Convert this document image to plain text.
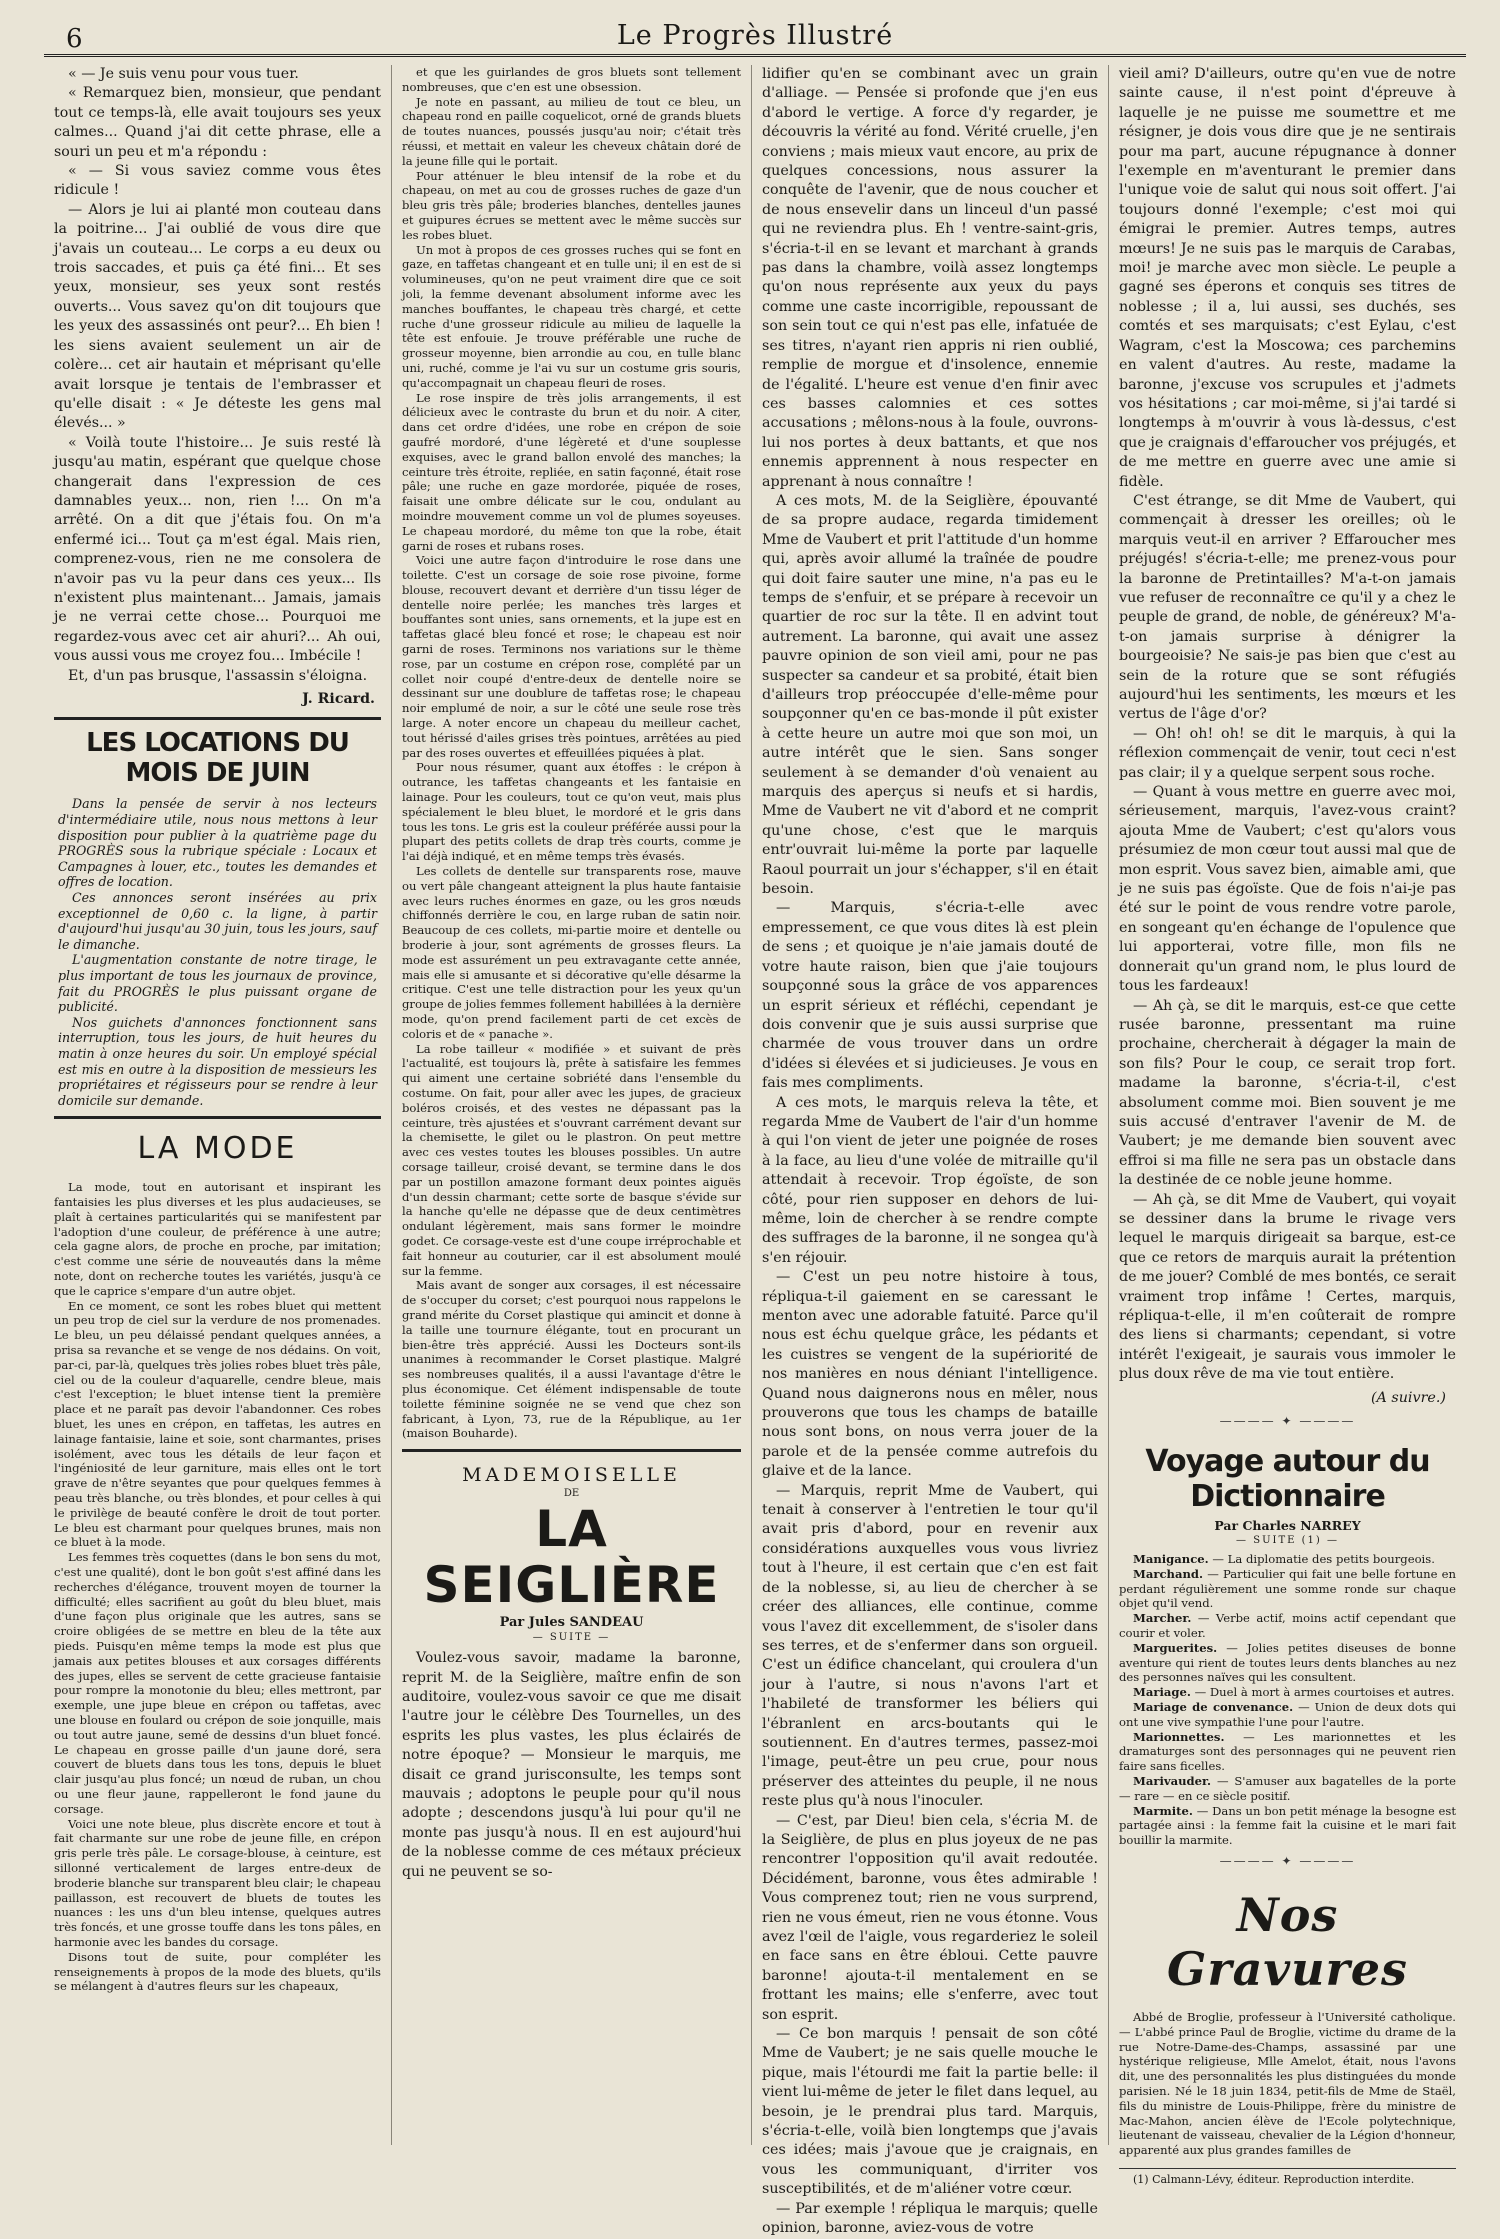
6	Le Progrès Illustré

« — Je suis venu pour vous tuer.

« Remarquez bien, monsieur, que pendant tout ce temps-là, elle avait toujours ses yeux calmes... Quand j'ai dit cette phrase, elle a souri un peu et m'a répondu :

« — Si vous saviez comme vous êtes ridicule !

— Alors je lui ai planté mon couteau dans la poitrine... J'ai oublié de vous dire que j'avais un couteau... Le corps a eu deux ou trois saccades, et puis ça été fini... Et ses yeux, monsieur, ses yeux sont restés ouverts... Vous savez qu'on dit toujours que les yeux des assassinés ont peur?... Eh bien ! les siens avaient seulement un air de colère... cet air hautain et méprisant qu'elle avait lorsque je tentais de l'embrasser et qu'elle disait : « Je déteste les gens mal élevés... »

« Voilà toute l'histoire... Je suis resté là jusqu'au matin, espérant que quelque chose changerait dans l'expression de ces damnables yeux... non, rien !... On m'a arrêté. On a dit que j'étais fou. On m'a enfermé ici... Tout ça m'est égal. Mais rien, comprenez-vous, rien ne me consolera de n'avoir pas vu la peur dans ces yeux... Ils n'existent plus maintenant... Jamais, jamais je ne verrai cette chose... Pourquoi me regardez-vous avec cet air ahuri?... Ah oui, vous aussi vous me croyez fou... Imbécile !

Et, d'un pas brusque, l'assassin s'éloigna.

J. Ricard.

LES LOCATIONS DU MOIS DE JUIN

Dans la pensée de servir à nos lecteurs d'intermédiaire utile, nous nous mettons à leur disposition pour publier à la quatrième page du PROGRÈS sous la rubrique spéciale : Locaux et Campagnes à louer, etc., toutes les demandes et offres de location.

Ces annonces seront insérées au prix exceptionnel de 0,60 c. la ligne, à partir d'aujourd'hui jusqu'au 30 juin, tous les jours, sauf le dimanche.

L'augmentation constante de notre tirage, le plus important de tous les journaux de province, fait du PROGRÈS le plus puissant organe de publicité.

Nos guichets d'annonces fonctionnent sans interruption, tous les jours, de huit heures du matin à onze heures du soir. Un employé spécial est mis en outre à la disposition de messieurs les propriétaires et régisseurs pour se rendre à leur domicile sur demande.

LA MODE

La mode, tout en autorisant et inspirant les fantaisies les plus diverses et les plus audacieuses, se plaît à certaines particularités qui se manifestent par l'adoption d'une couleur, de préférence à une autre; cela gagne alors, de proche en proche, par imitation; c'est comme une série de nouveautés dans la même note, dont on recherche toutes les variétés, jusqu'à ce que le caprice s'empare d'un autre objet.

En ce moment, ce sont les robes bluet qui mettent un peu trop de ciel sur la verdure de nos promenades. Le bleu, un peu délaissé pendant quelques années, a prisa sa revanche et se venge de nos dédains. On voit, par-ci, par-là, quelques très jolies robes bluet très pâle, ciel ou de la couleur d'aquarelle, cendre bleue, mais c'est l'exception; le bluet intense tient la première place et ne paraît pas devoir l'abandonner. Ces robes bluet, les unes en crépon, en taffetas, les autres en lainage fantaisie, laine et soie, sont charmantes, prises isolément, avec tous les détails de leur façon et l'ingéniosité de leur garniture, mais elles ont le tort grave de n'être seyantes que pour quelques femmes à peau très blanche, ou très blondes, et pour celles à qui le privilège de beauté confère le droit de tout porter. Le bleu est charmant pour quelques brunes, mais non ce bluet à la mode.

Les femmes très coquettes (dans le bon sens du mot, c'est une qualité), dont le bon goût s'est affiné dans les recherches d'élégance, trouvent moyen de tourner la difficulté; elles sacrifient au goût du bleu bluet, mais d'une façon plus originale que les autres, sans se croire obligées de se mettre en bleu de la tête aux pieds. Puisqu'en même temps la mode est plus que jamais aux petites blouses et aux corsages différents des jupes, elles se servent de cette gracieuse fantaisie pour rompre la monotonie du bleu; elles mettront, par exemple, une jupe bleue en crépon ou taffetas, avec une blouse en foulard ou crépon de soie jonquille, mais ou tout autre jaune, semé de dessins d'un bluet foncé. Le chapeau en grosse paille d'un jaune doré, sera couvert de bluets dans tous les tons, depuis le bluet clair jusqu'au plus foncé; un nœud de ruban, un chou ou une fleur jaune, rappelleront le fond jaune du corsage.

Voici une note bleue, plus discrète encore et tout à fait charmante sur une robe de jeune fille, en crépon gris perle très pâle. Le corsage-blouse, à ceinture, est sillonné verticalement de larges entre-deux de broderie blanche sur transparent bleu clair; le chapeau paillasson, est recouvert de bluets de toutes les nuances : les uns d'un bleu intense, quelques autres très foncés, et une grosse touffe dans les tons pâles, en harmonie avec les bandes du corsage.

Disons tout de suite, pour compléter les renseignements à propos de la mode des bluets, qu'ils se mélangent à d'autres fleurs sur les chapeaux,

et que les guirlandes de gros bluets sont tellement nombreuses, que c'en est une obsession.

Je note en passant, au milieu de tout ce bleu, un chapeau rond en paille coquelicot, orné de grands bluets de toutes nuances, poussés jusqu'au noir; c'était très réussi, et mettait en valeur les cheveux châtain doré de la jeune fille qui le portait.

Pour atténuer le bleu intensif de la robe et du chapeau, on met au cou de grosses ruches de gaze d'un bleu gris très pâle; broderies blanches, dentelles jaunes et guipures écrues se mettent avec le même succès sur les robes bluet.

Un mot à propos de ces grosses ruches qui se font en gaze, en taffetas changeant et en tulle uni; il en est de si volumineuses, qu'on ne peut vraiment dire que ce soit joli, la femme devenant absolument informe avec les manches bouffantes, le chapeau très chargé, et cette ruche d'une grosseur ridicule au milieu de laquelle la tête est enfouie. Je trouve préférable une ruche de grosseur moyenne, bien arrondie au cou, en tulle blanc uni, ruché, comme je l'ai vu sur un costume gris souris, qu'accompagnait un chapeau fleuri de roses.

Le rose inspire de très jolis arrangements, il est délicieux avec le contraste du brun et du noir. A citer, dans cet ordre d'idées, une robe en crépon de soie gaufré mordoré, d'une légèreté et d'une souplesse exquises, avec le grand ballon envolé des manches; la ceinture très étroite, repliée, en satin façonné, était rose pâle; une ruche en gaze mordorée, piquée de roses, faisait une ombre délicate sur le cou, ondulant au moindre mouvement comme un vol de plumes soyeuses. Le chapeau mordoré, du même ton que la robe, était garni de roses et rubans roses.

Voici une autre façon d'introduire le rose dans une toilette. C'est un corsage de soie rose pivoine, forme blouse, recouvert devant et derrière d'un tissu léger de dentelle noire perlée; les manches très larges et bouffantes sont unies, sans ornements, et la jupe est en taffetas glacé bleu foncé et rose; le chapeau est noir garni de roses. Terminons nos variations sur le thème rose, par un costume en crépon rose, complété par un collet noir coupé d'entre-deux de dentelle noire se dessinant sur une doublure de taffetas rose; le chapeau noir emplumé de noir, a sur le côté une seule rose très large. A noter encore un chapeau du meilleur cachet, tout hérissé d'ailes grises très pointues, arrêtées au pied par des roses ouvertes et effeuillées piquées à plat.

Pour nous résumer, quant aux étoffes : le crépon à outrance, les taffetas changeants et les fantaisie en lainage. Pour les couleurs, tout ce qu'on veut, mais plus spécialement le bleu bluet, le mordoré et le gris dans tous les tons. Le gris est la couleur préférée aussi pour la plupart des petits collets de drap très courts, comme je l'ai déjà indiqué, et en même temps très évasés.

Les collets de dentelle sur transparents rose, mauve ou vert pâle changeant atteignent la plus haute fantaisie avec leurs ruches énormes en gaze, ou les gros nœuds chiffonnés derrière le cou, en large ruban de satin noir. Beaucoup de ces collets, mi-partie moire et dentelle ou broderie à jour, sont agréments de grosses fleurs. La mode est assurément un peu extravagante cette année, mais elle si amusante et si décorative qu'elle désarme la critique. C'est une telle distraction pour les yeux qu'un groupe de jolies femmes follement habillées à la dernière mode, qu'on prend facilement parti de cet excès de coloris et de « panache ».

La robe tailleur « modifiée » et suivant de près l'actualité, est toujours là, prête à satisfaire les femmes qui aiment une certaine sobriété dans l'ensemble du costume. On fait, pour aller avec les jupes, de gracieux boléros croisés, et des vestes ne dépassant pas la ceinture, très ajustées et s'ouvrant carrément devant sur la chemisette, le gilet ou le plastron. On peut mettre avec ces vestes toutes les blouses possibles. Un autre corsage tailleur, croisé devant, se termine dans le dos par un postillon amazone formant deux pointes aiguës d'un dessin charmant; cette sorte de basque s'évide sur la hanche qu'elle ne dépasse que de deux centimètres ondulant légèrement, mais sans former le moindre godet. Ce corsage-veste est d'une coupe irréprochable et fait honneur au couturier, car il est absolument moulé sur la femme.

Mais avant de songer aux corsages, il est nécessaire de s'occuper du corset; c'est pourquoi nous rappelons le grand mérite du Corset plastique qui amincit et donne à la taille une tournure élégante, tout en procurant un bien-être très apprécié. Aussi les Docteurs sont-ils unanimes à recommander le Corset plastique. Malgré ses nombreuses qualités, il a aussi l'avantage d'être le plus économique. Cet élément indispensable de toute toilette féminine soignée ne se vend que chez son fabricant, à Lyon, 73, rue de la République, au 1er (maison Bouharde).

MADEMOISELLE
DE
LA SEIGLIÈRE
Par Jules SANDEAU
— SUITE —

Voulez-vous savoir, madame la baronne, reprit M. de la Seiglière, maître enfin de son auditoire, voulez-vous savoir ce que me disait l'autre jour le célèbre Des Tournelles, un des esprits les plus vastes, les plus éclairés de notre époque? — Monsieur le marquis, me disait ce grand jurisconsulte, les temps sont mauvais ; adoptons le peuple pour qu'il nous adopte ; descendons jusqu'à lui pour qu'il ne monte pas jusqu'à nous. Il en est aujourd'hui de la noblesse comme de ces métaux précieux qui ne peuvent se so-

lidifier qu'en se combinant avec un grain d'alliage. — Pensée si profonde que j'en eus d'abord le vertige. A force d'y regarder, je découvris la vérité au fond. Vérité cruelle, j'en conviens ; mais mieux vaut encore, au prix de quelques concessions, nous assurer la conquête de l'avenir, que de nous coucher et de nous ensevelir dans un linceul d'un passé qui ne reviendra plus. Eh ! ventre-saint-gris, s'écria-t-il en se levant et marchant à grands pas dans la chambre, voilà assez longtemps qu'on nous représente aux yeux du pays comme une caste incorrigible, repoussant de son sein tout ce qui n'est pas elle, infatuée de ses titres, n'ayant rien appris ni rien oublié, remplie de morgue et d'insolence, ennemie de l'égalité. L'heure est venue d'en finir avec ces basses calomnies et ces sottes accusations ; mêlons-nous à la foule, ouvrons-lui nos portes à deux battants, et que nos ennemis apprennent à nous respecter en apprenant à nous connaître !

A ces mots, M. de la Seiglière, épouvanté de sa propre audace, regarda timidement Mme de Vaubert et prit l'attitude d'un homme qui, après avoir allumé la traînée de poudre qui doit faire sauter une mine, n'a pas eu le temps de s'enfuir, et se prépare à recevoir un quartier de roc sur la tête. Il en advint tout autrement. La baronne, qui avait une assez pauvre opinion de son vieil ami, pour ne pas suspecter sa candeur et sa probité, était bien d'ailleurs trop préoccupée d'elle-même pour soupçonner qu'en ce bas-monde il pût exister à cette heure un autre moi que son moi, un autre intérêt que le sien. Sans songer seulement à se demander d'où venaient au marquis des aperçus si neufs et si hardis, Mme de Vaubert ne vit d'abord et ne comprit qu'une chose, c'est que le marquis entr'ouvrait lui-même la porte par laquelle Raoul pourrait un jour s'échapper, s'il en était besoin.

— Marquis, s'écria-t-elle avec empressement, ce que vous dites là est plein de sens ; et quoique je n'aie jamais douté de votre haute raison, bien que j'aie toujours soupçonné sous la grâce de vos apparences un esprit sérieux et réfléchi, cependant je dois convenir que je suis aussi surprise que charmée de vous trouver dans un ordre d'idées si élevées et si judicieuses. Je vous en fais mes compliments.

A ces mots, le marquis releva la tête, et regarda Mme de Vaubert de l'air d'un homme à qui l'on vient de jeter une poignée de roses à la face, au lieu d'une volée de mitraille qu'il attendait à recevoir. Trop égoïste, de son côté, pour rien supposer en dehors de lui-même, loin de chercher à se rendre compte des suffrages de la baronne, il ne songea qu'à s'en réjouir.

— C'est un peu notre histoire à tous, répliqua-t-il gaiement en se caressant le menton avec une adorable fatuité. Parce qu'il nous est échu quelque grâce, les pédants et les cuistres se vengent de la supériorité de nos manières en nous déniant l'intelligence. Quand nous daignerons nous en mêler, nous prouverons que tous les champs de bataille nous sont bons, on nous verra jouer de la parole et de la pensée comme autrefois du glaive et de la lance.

— Marquis, reprit Mme de Vaubert, qui tenait à conserver à l'entretien le tour qu'il avait pris d'abord, pour en revenir aux considérations auxquelles vous vous livriez tout à l'heure, il est certain que c'en est fait de la noblesse, si, au lieu de chercher à se créer des alliances, elle continue, comme vous l'avez dit excellemment, de s'isoler dans ses terres, et de s'enfermer dans son orgueil. C'est un édifice chancelant, qui croulera d'un jour à l'autre, si nous n'avons l'art et l'habileté de transformer les béliers qui l'ébranlent en arcs-boutants qui le soutiennent. En d'autres termes, passez-moi l'image, peut-être un peu crue, pour nous préserver des atteintes du peuple, il ne nous reste plus qu'à nous l'inoculer.

— C'est, par Dieu! bien cela, s'écria M. de la Seiglière, de plus en plus joyeux de ne pas rencontrer l'opposition qu'il avait redoutée. Décidément, baronne, vous êtes admirable ! Vous comprenez tout; rien ne vous surprend, rien ne vous émeut, rien ne vous étonne. Vous avez l'œil de l'aigle, vous regarderiez le soleil en face sans en être ébloui. Cette pauvre baronne! ajouta-t-il mentalement en se frottant les mains; elle s'enferre, avec tout son esprit.

— Ce bon marquis ! pensait de son côté Mme de Vaubert; je ne sais quelle mouche le pique, mais l'étourdi me fait la partie belle: il vient lui-même de jeter le filet dans lequel, au besoin, je le prendrai plus tard. Marquis, s'écria-t-elle, voilà bien longtemps que j'avais ces idées; mais j'avoue que je craignais, en vous les communiquant, d'irriter vos susceptibilités, et de m'aliéner votre cœur.

— Par exemple ! répliqua le marquis; quelle opinion, baronne, aviez-vous de votre

vieil ami? D'ailleurs, outre qu'en vue de notre sainte cause, il n'est point d'épreuve à laquelle je ne puisse me soumettre et me résigner, je dois vous dire que je ne sentirais pour ma part, aucune répugnance à donner l'exemple en m'aventurant le premier dans l'unique voie de salut qui nous soit offert. J'ai toujours donné l'exemple; c'est moi qui émigrai le premier. Autres temps, autres mœurs! Je ne suis pas le marquis de Carabas, moi! je marche avec mon siècle. Le peuple a gagné ses éperons et conquis ses titres de noblesse ; il a, lui aussi, ses duchés, ses comtés et ses marquisats; c'est Eylau, c'est Wagram, c'est la Moscowa; ces parchemins en valent d'autres. Au reste, madame la baronne, j'excuse vos scrupules et j'admets vos hésitations ; car moi-même, si j'ai tardé si longtemps à m'ouvrir à vous là-dessus, c'est que je craignais d'effaroucher vos préjugés, et de me mettre en guerre avec une amie si fidèle.

C'est étrange, se dit Mme de Vaubert, qui commençait à dresser les oreilles; où le marquis veut-il en arriver ? Effaroucher mes préjugés! s'écria-t-elle; me prenez-vous pour la baronne de Pretintailles? M'a-t-on jamais vue refuser de reconnaître ce qu'il y a chez le peuple de grand, de noble, de généreux? M'a-t-on jamais surprise à dénigrer la bourgeoisie? Ne sais-je pas bien que c'est au sein de la roture que se sont réfugiés aujourd'hui les sentiments, les mœurs et les vertus de l'âge d'or?

— Oh! oh! oh! se dit le marquis, à qui la réflexion commençait de venir, tout ceci n'est pas clair; il y a quelque serpent sous roche.

— Quant à vous mettre en guerre avec moi, sérieusement, marquis, l'avez-vous craint? ajouta Mme de Vaubert; c'est qu'alors vous présumiez de mon cœur tout aussi mal que de mon esprit. Vous savez bien, aimable ami, que je ne suis pas égoïste. Que de fois n'ai-je pas été sur le point de vous rendre votre parole, en songeant qu'en échange de l'opulence que lui apporterai, votre fille, mon fils ne donnerait qu'un grand nom, le plus lourd de tous les fardeaux!

— Ah çà, se dit le marquis, est-ce que cette rusée baronne, pressentant ma ruine prochaine, chercherait à dégager la main de son fils? Pour le coup, ce serait trop fort. madame la baronne, s'écria-t-il, c'est absolument comme moi. Bien souvent je me suis accusé d'entraver l'avenir de M. de Vaubert; je me demande bien souvent avec effroi si ma fille ne sera pas un obstacle dans la destinée de ce noble jeune homme.

— Ah çà, se dit Mme de Vaubert, qui voyait se dessiner dans la brume le rivage vers lequel le marquis dirigeait sa barque, est-ce que ce retors de marquis aurait la prétention de me jouer? Comblé de mes bontés, ce serait vraiment trop infâme ! Certes, marquis, répliqua-t-elle, il m'en coûterait de rompre des liens si charmants; cependant, si votre intérêt l'exigeait, je saurais vous immoler le plus doux rêve de ma vie tout entière.

(A suivre.)

———— ✦ ————
Voyage autour du Dictionnaire
Par Charles NARREY
— SUITE (1) —

Manigance. — La diplomatie des petits bourgeois.

Marchand. — Particulier qui fait une belle fortune en perdant régulièrement une somme ronde sur chaque objet qu'il vend.

Marcher. — Verbe actif, moins actif cependant que courir et voler.

Marguerites. — Jolies petites diseuses de bonne aventure qui rient de toutes leurs dents blanches au nez des personnes naïves qui les consultent.

Mariage. — Duel à mort à armes courtoises et autres.

Mariage de convenance. — Union de deux dots qui ont une vive sympathie l'une pour l'autre.

Marionnettes. — Les marionnettes et les dramaturges sont des personnages qui ne peuvent rien faire sans ficelles.

Marivauder. — S'amuser aux bagatelles de la porte — rare — en ce siècle positif.

Marmite. — Dans un bon petit ménage la besogne est partagée ainsi : la femme fait la cuisine et le mari fait bouillir la marmite.

———— ✦ ————
Nos Gravures

Abbé de Broglie, professeur à l'Université catholique. — L'abbé prince Paul de Broglie, victime du drame de la rue Notre-Dame-des-Champs, assassiné par une hystérique religieuse, Mlle Amelot, était, nous l'avons dit, une des personnalités les plus distinguées du monde parisien. Né le 18 juin 1834, petit-fils de Mme de Staël, fils du ministre de Louis-Philippe, frère du ministre de Mac-Mahon, ancien élève de l'Ecole polytechnique, lieutenant de vaisseau, chevalier de la Légion d'honneur, apparenté aux plus grandes familles de

(1) Calmann-Lévy, éditeur. Reproduction interdite.
